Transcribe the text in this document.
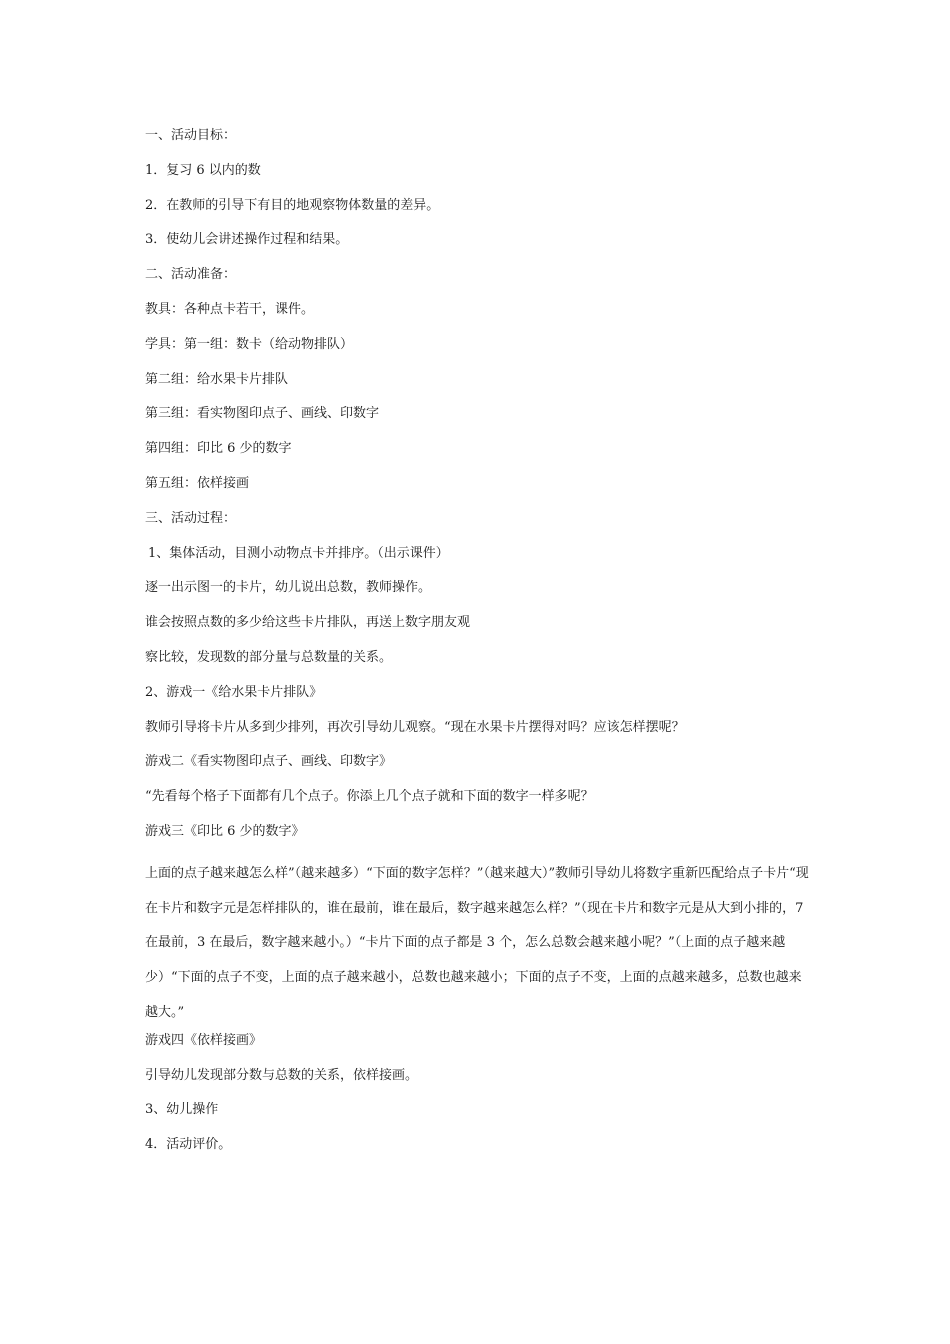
一、活动目标：
1．复习 6 以内的数
2．在教师的引导下有目的地观察物体数量的差异。
3．使幼儿会讲述操作过程和结果。
二、活动准备：
教具：各种点卡若干，课件。
学具：第一组：数卡（给动物排队）
第二组：给水果卡片排队
第三组：看实物图印点子、画线、印数字
第四组：印比 6 少的数字
第五组：依样接画
三、活动过程：
1、集体活动，目测小动物点卡并排序。（出示课件）
逐一出示图一的卡片，幼儿说出总数，教师操作。
谁会按照点数的多少给这些卡片排队，再送上数字朋友观
察比较，发现数的部分量与总数量的关系。
2、游戏一《给水果卡片排队》
教师引导将卡片从多到少排列，再次引导幼儿观察。“现在水果卡片摆得对吗？应该怎样摆呢？
游戏二《看实物图印点子、画线、印数字》
“先看每个格子下面都有几个点子。你添上几个点子就和下面的数字一样多呢？
游戏三《印比 6 少的数字》
上面的点子越来越怎么样”（越来越多）“下面的数字怎样？”（越来越大）”教师引导幼儿将数字重新匹配给点子卡片“现在卡片和数字元是怎样排队的，谁在最前，谁在最后，数字越来越怎么样？”（现在卡片和数字元是从大到小排的，7 在最前，3 在最后，数字越来越小。）“卡片下面的点子都是 3 个，怎么总数会越来越小呢？”（上面的点子越来越少）“下面的点子不变，上面的点子越来越小，总数也越来越小；下面的点子不变，上面的点越来越多，总数也越来越大。”
游戏四《依样接画》
引导幼儿发现部分数与总数的关系，依样接画。
3、幼儿操作
4．活动评价。
